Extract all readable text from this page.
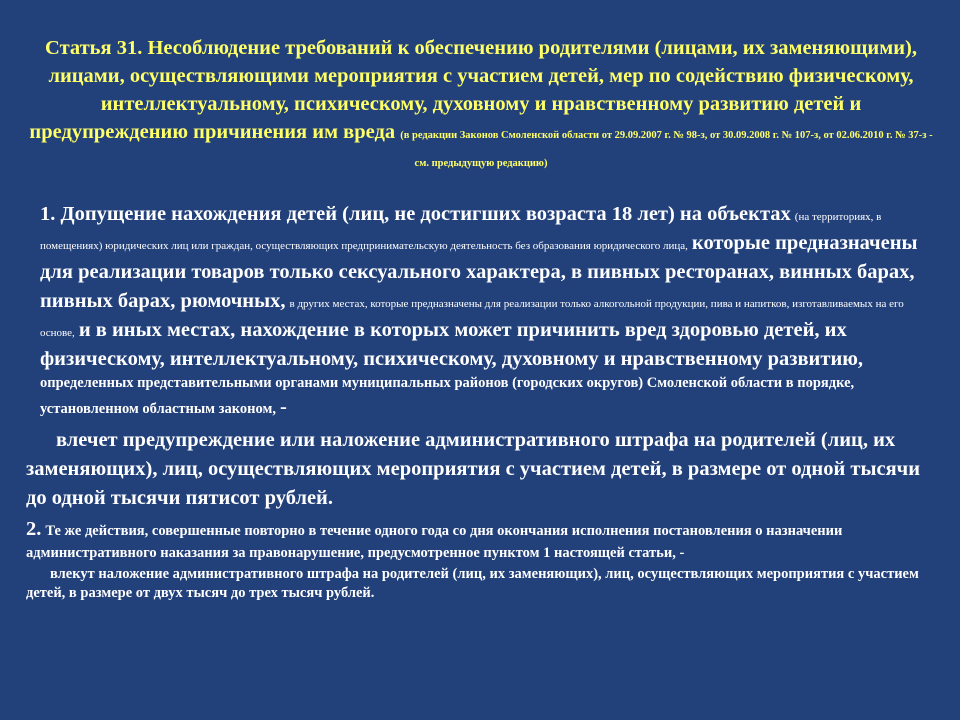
Статья 31. Несоблюдение требований к обеспечению родителями (лицами, их заменяющими), лицами, осуществляющими мероприятия с участием детей, мер по содействию физическому, интеллектуальному, психическому, духовному и нравственному развитию детей и предупреждению причинения им вреда (в редакции Законов Смоленской области от 29.09.2007 г. № 98-з, от 30.09.2008 г. № 107-з, от 02.06.2010 г. № 37-з - см. предыдущую редакцию)

1. Допущение нахождения детей (лиц, не достигших возраста 18 лет) на объектах (на территориях, в помещениях) юридических лиц или граждан, осуществляющих предпринимательскую деятельность без образования юридического лица, которые предназначены для реализации товаров только сексуального характера, в пивных ресторанах, винных барах, пивных барах, рюмочных, в других местах, которые предназначены для реализации только алкогольной продукции, пива и напитков, изготавливаемых на его основе, и в иных местах, нахождение в которых может причинить вред здоровью детей, их физическому, интеллектуальному, психическому, духовному и нравственному развитию, определенных представительными органами муниципальных районов (городских округов) Смоленской области в порядке, установленном областным законом, -

влечет предупреждение или наложение административного штрафа на родителей (лиц, их заменяющих), лиц, осуществляющих мероприятия с участием детей, в размере от одной тысячи до одной тысячи пятисот рублей.

2. Те же действия, совершенные повторно в течение одного года со дня окончания исполнения постановления о назначении административного наказания за правонарушение, предусмотренное пунктом 1 настоящей статьи, -

влекут наложение административного штрафа на родителей (лиц, их заменяющих), лиц, осуществляющих мероприятия с участием детей, в размере от двух тысяч до трех тысяч рублей.
